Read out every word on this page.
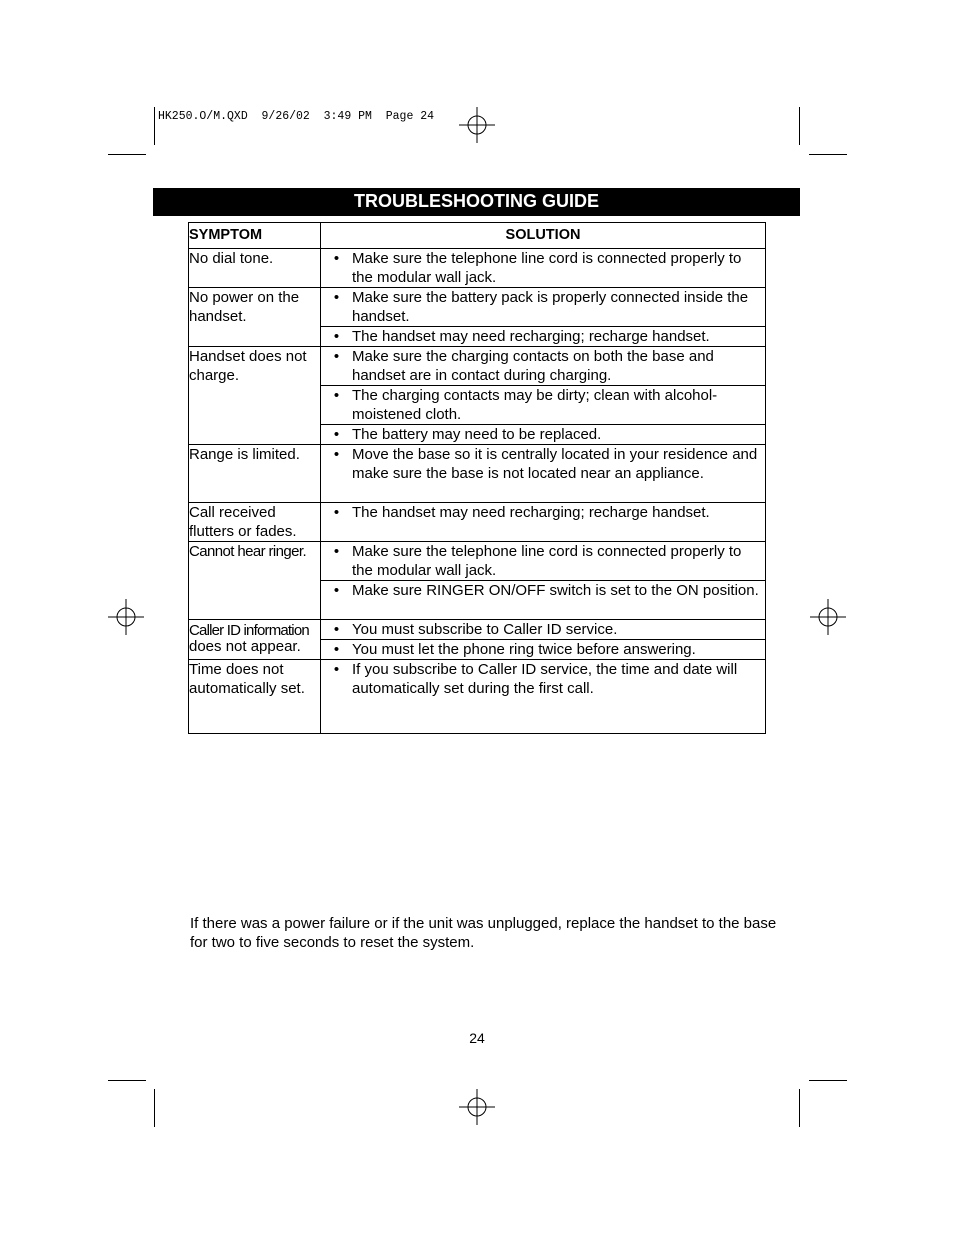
HK250.O/M.QXD  9/26/02  3:49 PM  Page 24
TROUBLESHOOTING GUIDE
SYMPTOM	SOLUTION
No dial tone.	• Make sure the telephone line cord is connected properly to the modular wall jack.

No power on the handset.	• Make sure the battery pack is properly connected inside the handset.

	• The handset may need recharging; recharge handset.

Handset does not charge.	• Make sure the charging contacts on both the base and handset are in contact during charging.

	• The charging contacts may be dirty; clean with alcohol-moistened cloth.

	• The battery may need to be replaced.

Range is limited.	• Move the base so it is centrally located in your residence and make sure the base is not located near an appliance.

Call received flutters or fades.	• The handset may need recharging; recharge handset.

Cannot hear ringer.	• Make sure the telephone line cord is connected properly to the modular wall jack.

	• Make sure RINGER ON/OFF switch is set to the ON position.

Caller ID information
does not appear.	• You must subscribe to Caller ID service.

	• You must let the phone ring twice before answering.

Time does not automatically set.	• If you subscribe to Caller ID service, the time and date will automatically set during the first call.

If there was a power failure or if the unit was unplugged, replace the handset to the base for two to five seconds to reset the system.

24
